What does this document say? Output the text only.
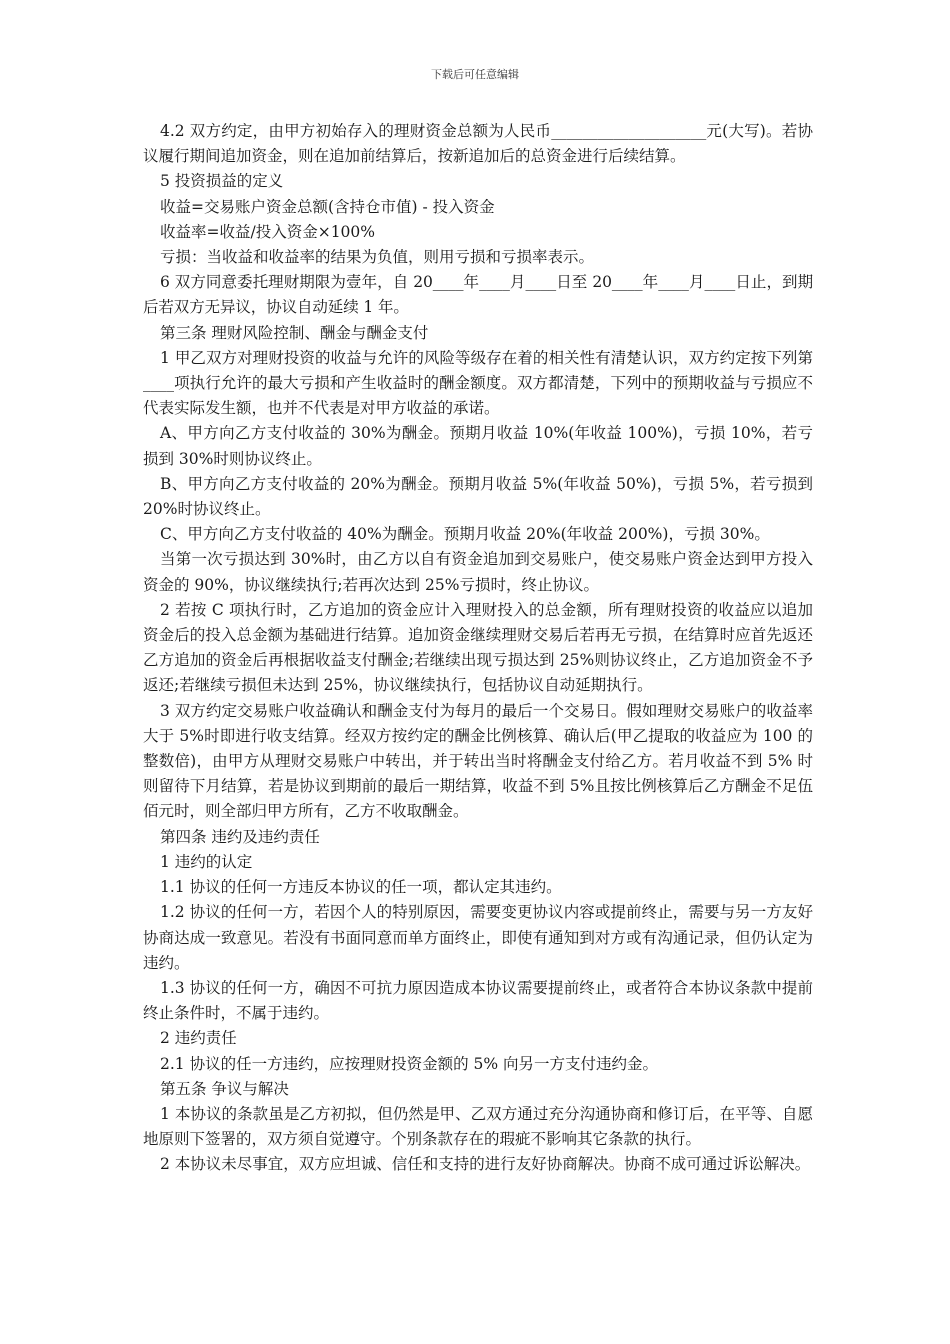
下载后可任意编辑

4.2 双方约定，由甲方初始存入的理财资金总额为人民币____________________元(大写)。若协议履行期间追加资金，则在追加前结算后，按新追加后的总资金进行后续结算。

5 投资损益的定义

收益=交易账户资金总额(含持仓市值) - 投入资金

收益率=收益/投入资金×100%

亏损：当收益和收益率的结果为负值，则用亏损和亏损率表示。

6 双方同意委托理财期限为壹年，自 20____年____月____日至 20____年____月____日止，到期后若双方无异议，协议自动延续 1 年。

第三条 理财风险控制、酬金与酬金支付

1 甲乙双方对理财投资的收益与允许的风险等级存在着的相关性有清楚认识，双方约定按下列第____项执行允许的最大亏损和产生收益时的酬金额度。双方都清楚，下列中的预期收益与亏损应不代表实际发生额，也并不代表是对甲方收益的承诺。

A、甲方向乙方支付收益的 30%为酬金。预期月收益 10%(年收益 100%)，亏损 10%，若亏损到 30%时则协议终止。

B、甲方向乙方支付收益的 20%为酬金。预期月收益 5%(年收益 50%)，亏损 5%，若亏损到 20%时协议终止。

C、甲方向乙方支付收益的 40%为酬金。预期月收益 20%(年收益 200%)，亏损 30%。

当第一次亏损达到 30%时，由乙方以自有资金追加到交易账户，使交易账户资金达到甲方投入资金的 90%，协议继续执行;若再次达到 25%亏损时，终止协议。

2 若按 C 项执行时，乙方追加的资金应计入理财投入的总金额，所有理财投资的收益应以追加资金后的投入总金额为基础进行结算。追加资金继续理财交易后若再无亏损，在结算时应首先返还乙方追加的资金后再根据收益支付酬金;若继续出现亏损达到 25%则协议终止，乙方追加资金不予返还;若继续亏损但未达到 25%，协议继续执行，包括协议自动延期执行。

3 双方约定交易账户收益确认和酬金支付为每月的最后一个交易日。假如理财交易账户的收益率大于 5%时即进行收支结算。经双方按约定的酬金比例核算、确认后(甲乙提取的收益应为 100 的整数倍)，由甲方从理财交易账户中转出，并于转出当时将酬金支付给乙方。若月收益不到 5% 时则留待下月结算，若是协议到期前的最后一期结算，收益不到 5%且按比例核算后乙方酬金不足伍佰元时，则全部归甲方所有，乙方不收取酬金。

第四条 违约及违约责任

1 违约的认定

1.1 协议的任何一方违反本协议的任一项，都认定其违约。

1.2 协议的任何一方，若因个人的特别原因，需要变更协议内容或提前终止，需要与另一方友好协商达成一致意见。若没有书面同意而单方面终止，即使有通知到对方或有沟通记录，但仍认定为违约。

1.3 协议的任何一方，确因不可抗力原因造成本协议需要提前终止，或者符合本协议条款中提前终止条件时，不属于违约。

2 违约责任

2.1 协议的任一方违约，应按理财投资金额的 5% 向另一方支付违约金。

第五条 争议与解决

1 本协议的条款虽是乙方初拟，但仍然是甲、乙双方通过充分沟通协商和修订后，在平等、自愿地原则下签署的，双方须自觉遵守。个别条款存在的瑕疵不影响其它条款的执行。

2 本协议未尽事宜，双方应坦诚、信任和支持的进行友好协商解决。协商不成可通过诉讼解决。
